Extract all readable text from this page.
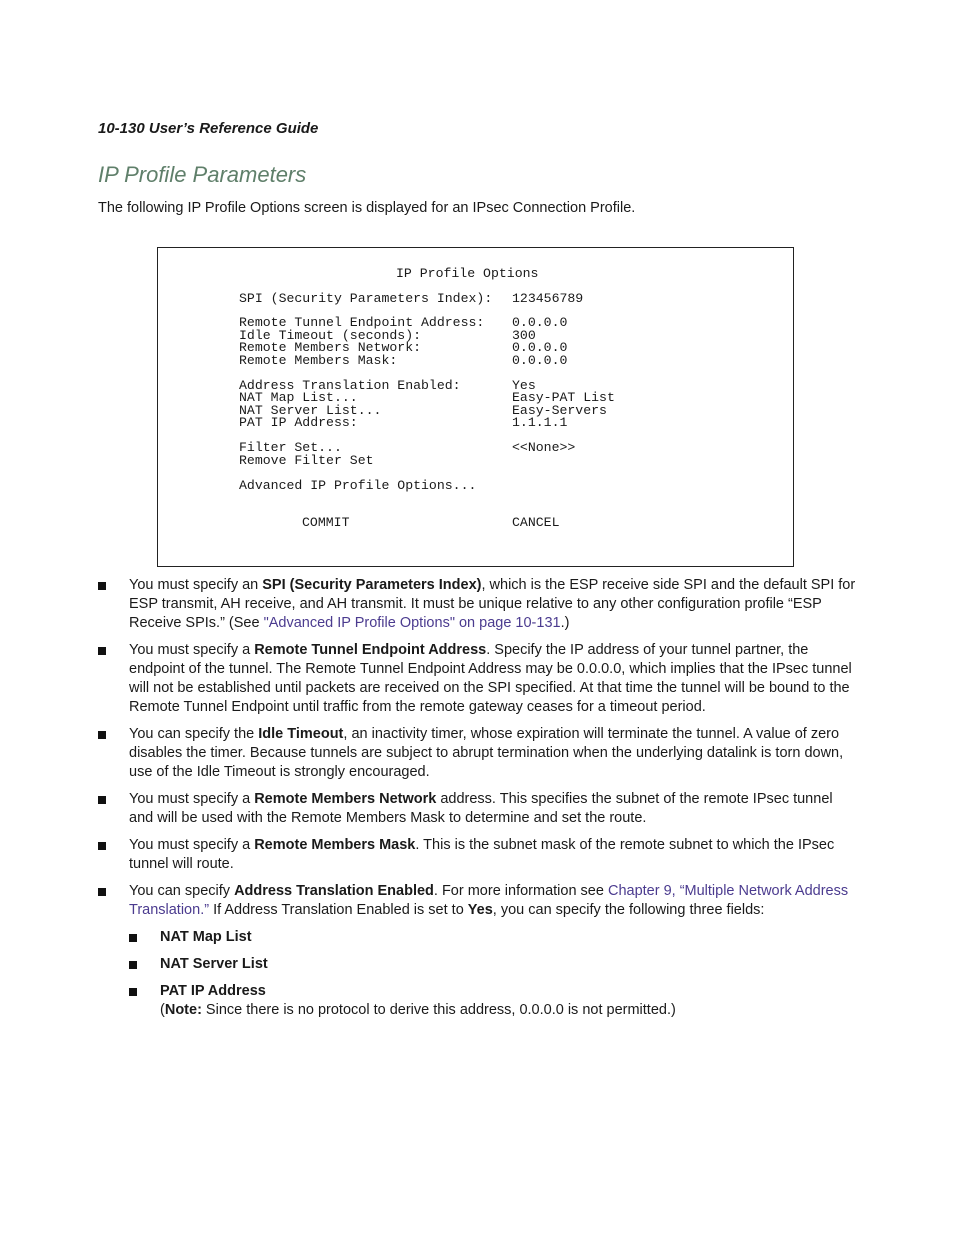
10-130 User’s Reference Guide
IP Profile Parameters
The following IP Profile Options screen is displayed for an IPsec Connection Profile.
IP Profile Options
SPI (Security Parameters Index): 123456789
Remote Tunnel Endpoint Address: 0.0.0.0
Idle Timeout (seconds):	300
Remote Members Network:	0.0.0.0
Remote Members Mask:	0.0.0.0
Address Translation Enabled:	Yes
NAT Map List...	Easy-PAT List
NAT Server List...	Easy-Servers
PAT IP Address:	1.1.1.1
Filter Set...	<<None>>
Remove Filter Set
Advanced IP Profile Options...
COMMIT	CANCEL
You must specify an SPI (Security Parameters Index), which is the ESP receive side SPI and the default SPI for ESP transmit, AH receive, and AH transmit. It must be unique relative to any other configuration profile “ESP Receive SPIs.” (See "Advanced IP Profile Options" on page 10-131.)
You must specify a Remote Tunnel Endpoint Address. Specify the IP address of your tunnel partner, the endpoint of the tunnel. The Remote Tunnel Endpoint Address may be 0.0.0.0, which implies that the IPsec tunnel will not be established until packets are received on the SPI specified. At that time the tunnel will be bound to the Remote Tunnel Endpoint until traffic from the remote gateway ceases for a timeout period.
You can specify the Idle Timeout, an inactivity timer, whose expiration will terminate the tunnel. A value of zero disables the timer. Because tunnels are subject to abrupt termination when the underlying datalink is torn down, use of the Idle Timeout is strongly encouraged.
You must specify a Remote Members Network address. This specifies the subnet of the remote IPsec tunnel and will be used with the Remote Members Mask to determine and set the route.
You must specify a Remote Members Mask. This is the subnet mask of the remote subnet to which the IPsec tunnel will route.
You can specify Address Translation Enabled. For more information see Chapter 9, “Multiple Network Address Translation.” If Address Translation Enabled is set to Yes, you can specify the following three fields:
NAT Map List
NAT Server List
PAT IP Address
(Note: Since there is no protocol to derive this address, 0.0.0.0 is not permitted.)
